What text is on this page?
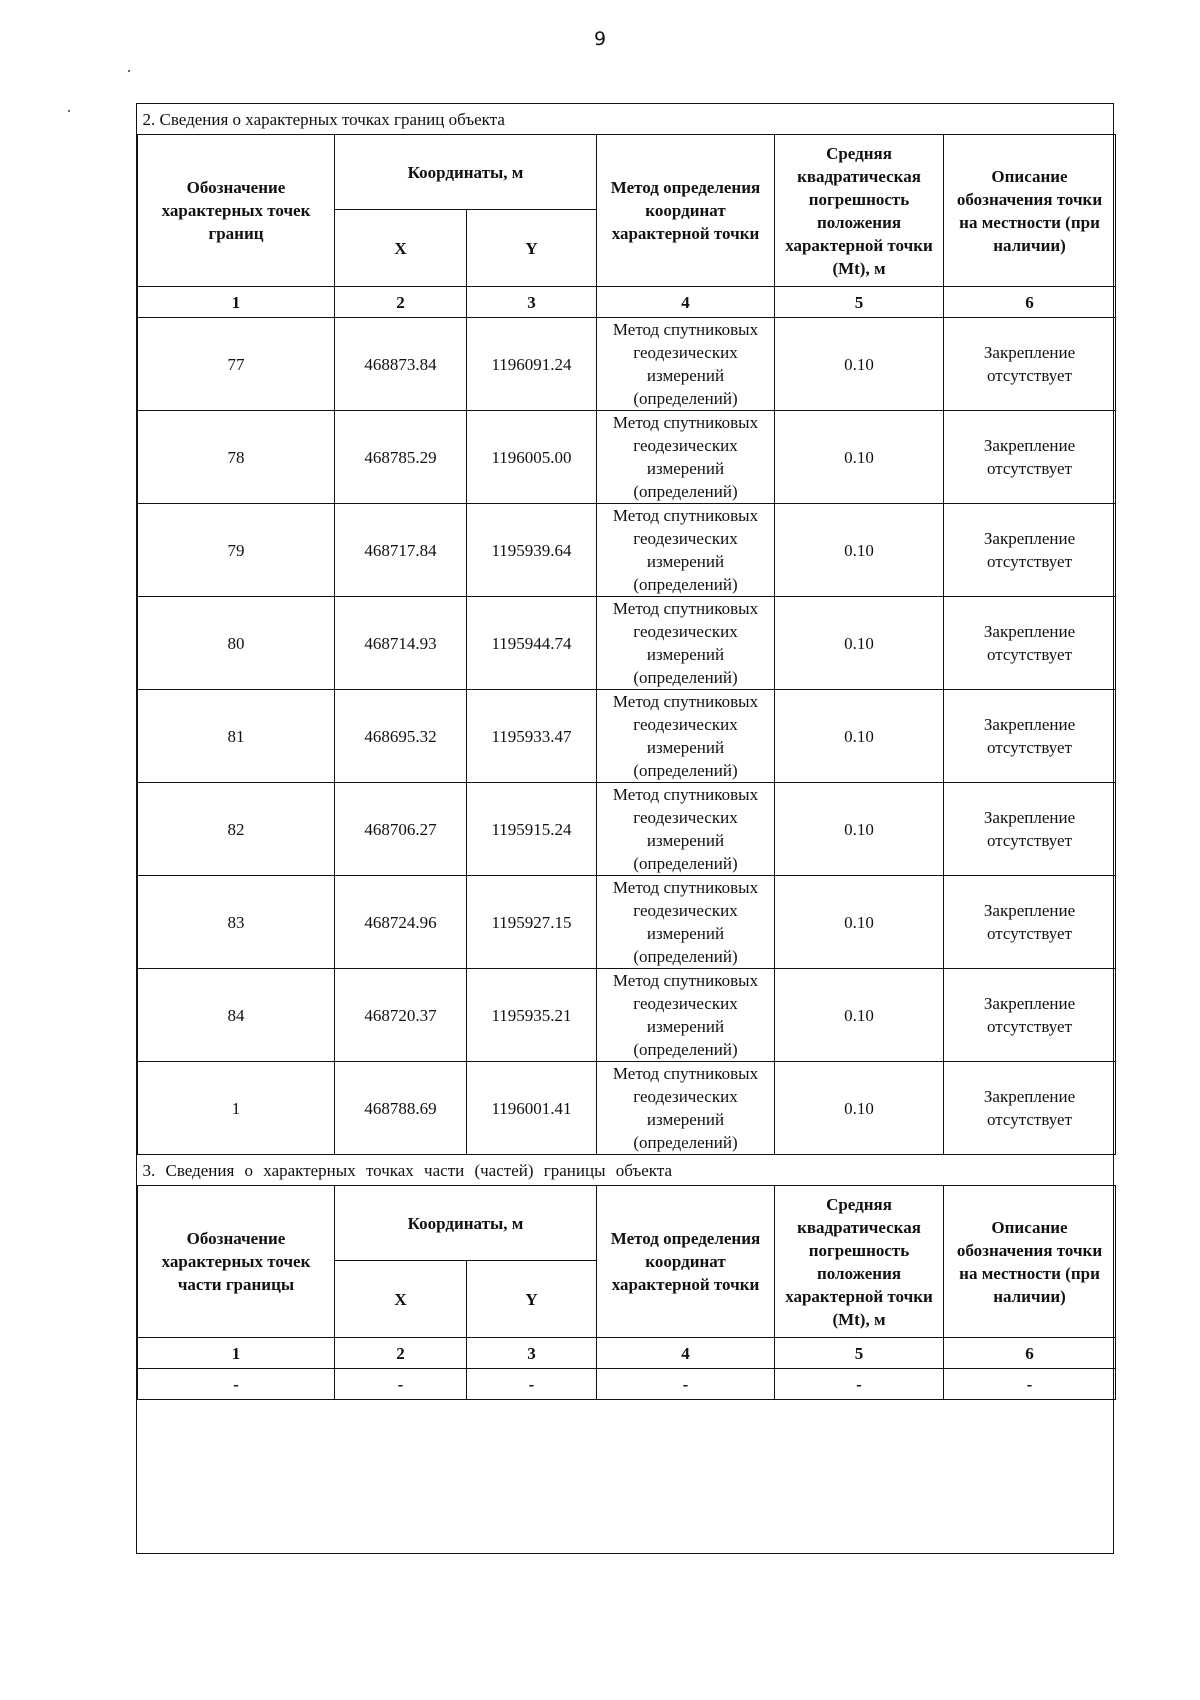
9
2. Сведения о характерных точках границ объекта					
Обозначение характерных точек границ	Координаты, м		Метод определения координат характерной точки	Средняя квадратическая погрешность положения характерной точки (Mt), м	Описание обозначения точки на местности (при наличии)
	X	Y			
1	2	3	4	5	6
77	468873.84	1196091.24	Метод спутниковых геодезических измерений (определений)	0.10	Закрепление отсутствует
78	468785.29	1196005.00	Метод спутниковых геодезических измерений (определений)	0.10	Закрепление отсутствует
79	468717.84	1195939.64	Метод спутниковых геодезических измерений (определений)	0.10	Закрепление отсутствует
80	468714.93	1195944.74	Метод спутниковых геодезических измерений (определений)	0.10	Закрепление отсутствует
81	468695.32	1195933.47	Метод спутниковых геодезических измерений (определений)	0.10	Закрепление отсутствует
82	468706.27	1195915.24	Метод спутниковых геодезических измерений (определений)	0.10	Закрепление отсутствует
83	468724.96	1195927.15	Метод спутниковых геодезических измерений (определений)	0.10	Закрепление отсутствует
84	468720.37	1195935.21	Метод спутниковых геодезических измерений (определений)	0.10	Закрепление отсутствует
1	468788.69	1196001.41	Метод спутниковых геодезических измерений (определений)	0.10	Закрепление отсутствует
3. Сведения о характерных точках части (частей) границы объекта					
Обозначение характерных точек части границы	Координаты, м		Метод определения координат характерной точки	Средняя квадратическая погрешность положения характерной точки (Mt), м	Описание обозначения точки на местности (при наличии)
	X	Y			
1	2	3	4	5	6
-	-	-	-	-	-
